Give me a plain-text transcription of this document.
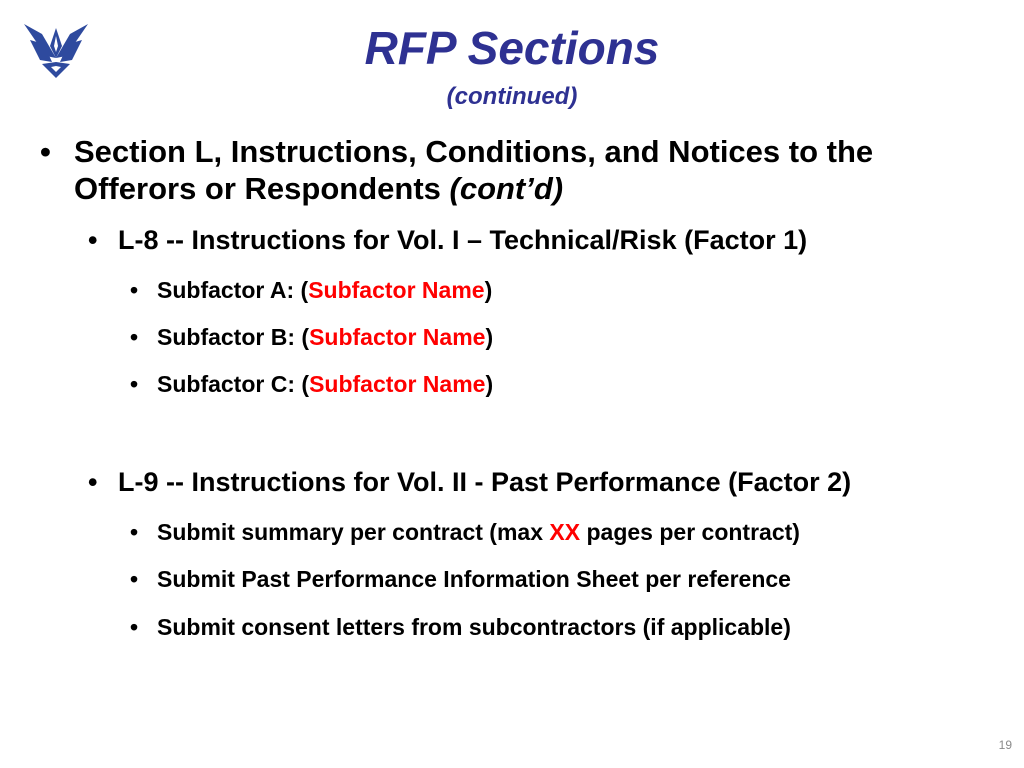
RFP Sections
(continued)
• Section L, Instructions, Conditions, and Notices to the
Offerors or Respondents (cont’d)
• L-8 -- Instructions for Vol. I – Technical/Risk (Factor 1)
• Subfactor A: (Subfactor Name)
• Subfactor B: (Subfactor Name)
• Subfactor C: (Subfactor Name)
• L-9 -- Instructions for Vol. II - Past Performance (Factor 2)
• Submit summary per contract (max XX pages per contract)
• Submit Past Performance Information Sheet per reference
• Submit consent letters from subcontractors (if applicable)
19
